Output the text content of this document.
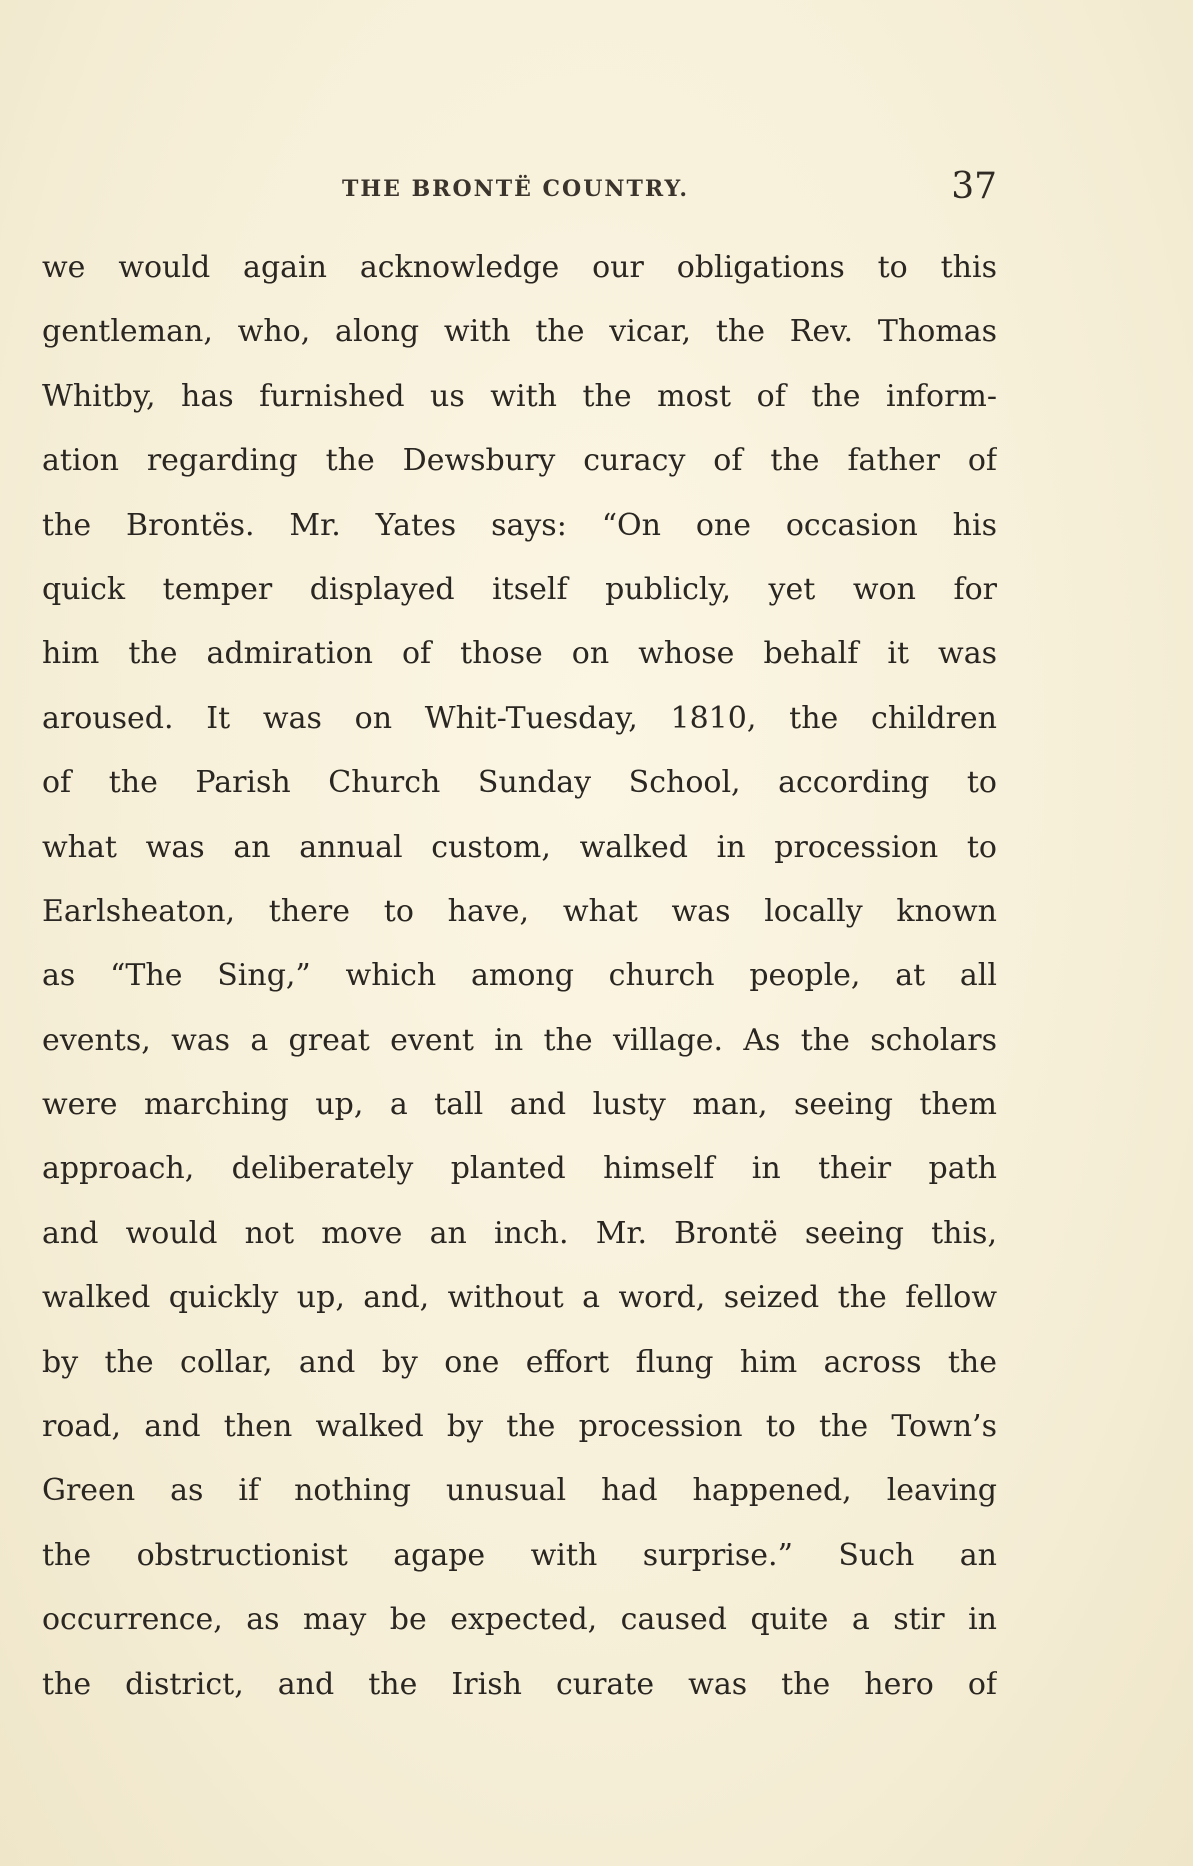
THE BRONTË COUNTRY.	37
we would again acknowledge our obligations to this
gentleman, who, along with the vicar, the Rev. Thomas
Whitby, has furnished us with the most of the inform-
ation regarding the Dewsbury curacy of the father of
the Brontës. Mr. Yates says: “On one occasion his
quick temper displayed itself publicly, yet won for
him the admiration of those on whose behalf it was
aroused. It was on Whit-Tuesday, 1810, the children
of the Parish Church Sunday School, according to
what was an annual custom, walked in procession to
Earlsheaton, there to have, what was locally known
as “The Sing,” which among church people, at all
events, was a great event in the village. As the scholars
were marching up, a tall and lusty man, seeing them
approach, deliberately planted himself in their path
and would not move an inch. Mr. Brontë seeing this,
walked quickly up, and, without a word, seized the fellow
by the collar, and by one effort flung him across the
road, and then walked by the procession to the Town’s
Green as if nothing unusual had happened, leaving
the obstructionist agape with surprise.” Such an
occurrence, as may be expected, caused quite a stir in
the district, and the Irish curate was the hero of
